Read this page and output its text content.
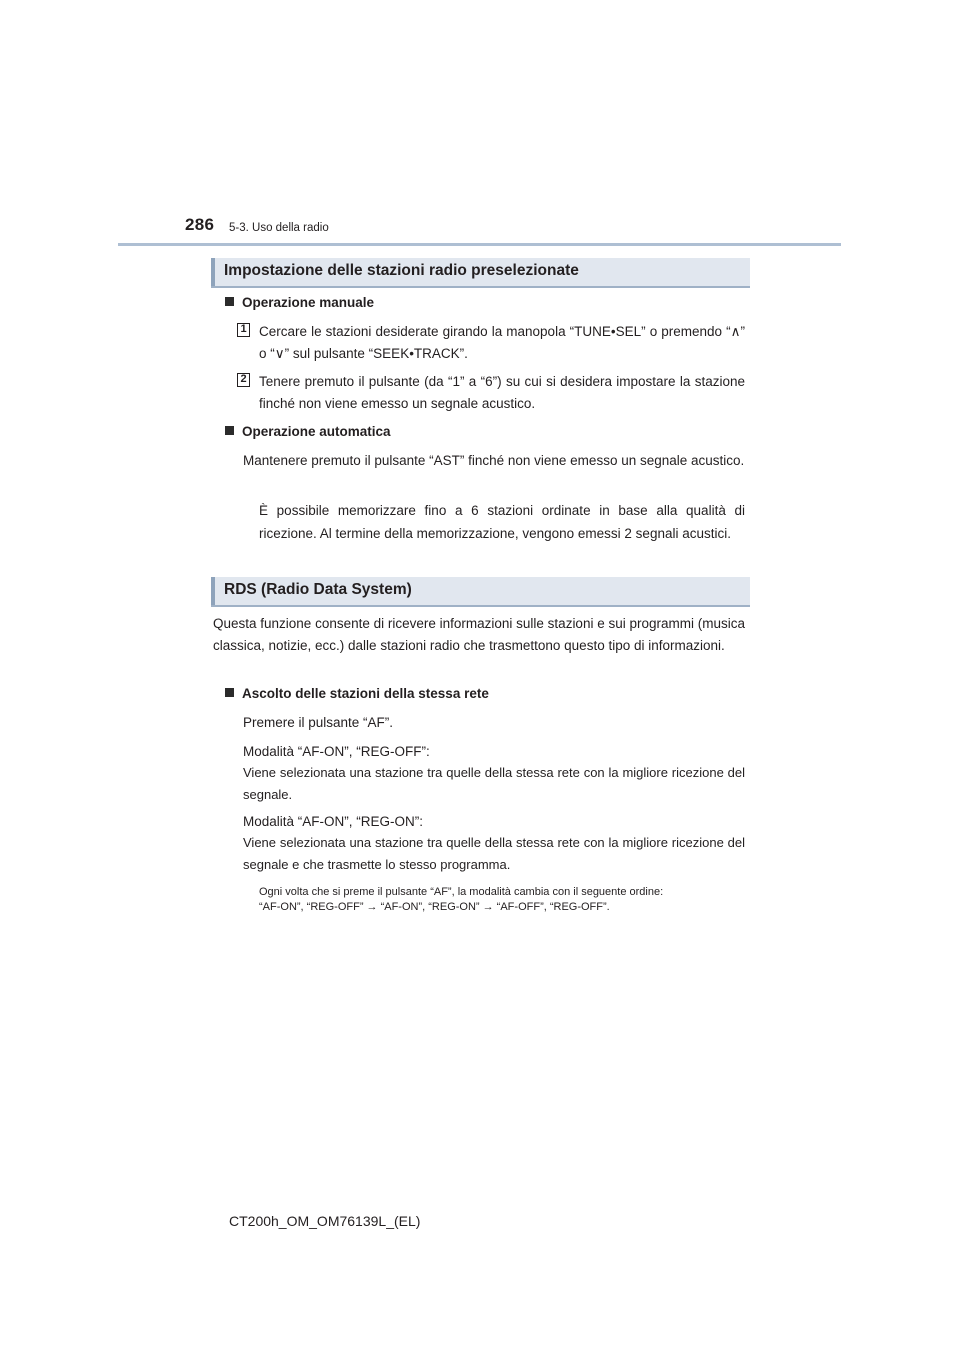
286 5-3. Uso della radio
Impostazione delle stazioni radio preselezionate
Operazione manuale
1 Cercare le stazioni desiderate girando la manopola “TUNE•SEL” o premendo “∧” o “∨” sul pulsante “SEEK•TRACK”.
2 Tenere premuto il pulsante (da “1” a “6”) su cui si desidera impostare la stazione finché non viene emesso un segnale acustico.
Operazione automatica
Mantenere premuto il pulsante “AST” finché non viene emesso un segnale acustico.
È possibile memorizzare fino a 6 stazioni ordinate in base alla qualità di ricezione. Al termine della memorizzazione, vengono emessi 2 segnali acustici.
RDS (Radio Data System)
Questa funzione consente di ricevere informazioni sulle stazioni e sui programmi (musica classica, notizie, ecc.) dalle stazioni radio che trasmettono questo tipo di informazioni.
Ascolto delle stazioni della stessa rete
Premere il pulsante “AF”.
Modalità “AF-ON”, “REG-OFF”:
Viene selezionata una stazione tra quelle della stessa rete con la migliore ricezione del segnale.
Modalità “AF-ON”, “REG-ON”:
Viene selezionata una stazione tra quelle della stessa rete con la migliore ricezione del segnale e che trasmette lo stesso programma.
Ogni volta che si preme il pulsante “AF”, la modalità cambia con il seguente ordine:
“AF-ON”, “REG-OFF” → “AF-ON”, “REG-ON” → “AF-OFF”, “REG-OFF”.
CT200h_OM_OM76139L_(EL)
